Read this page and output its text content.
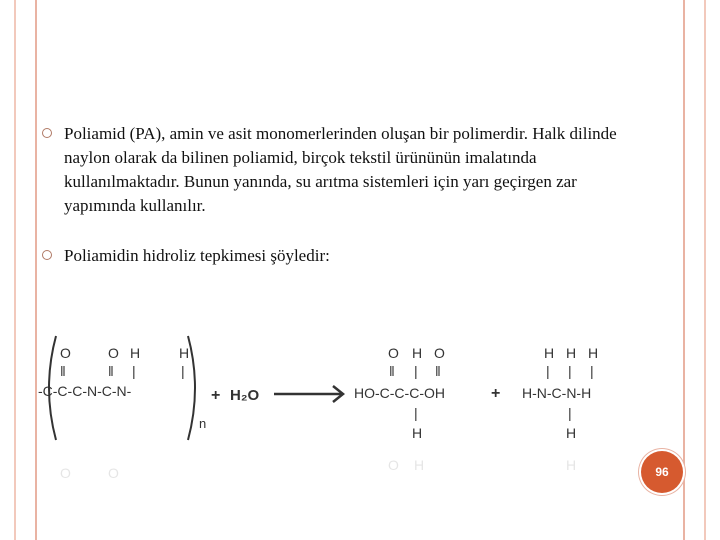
Poliamid (PA), amin ve asit monomerlerinden oluşan bir polimerdir. Halk dilinde naylon olarak da bilinen poliamid, birçok tekstil ürününün imalatında kullanılmaktadır. Bunun yanında, su arıtma sistemleri için yarı geçirgen zar yapımında kullanılır.
Poliamidin hidroliz tepkimesi şöyledir:
O
‖
O
‖
H
|
H
|
-C-C-C-N-C-N-
n
+ H₂O
O
‖
H
|
O
‖
HO-C-C-C-OH
|
H
+
H
|
H
|
H
|
H-N-C-N-H
|
H
O	O	O H	H	96
